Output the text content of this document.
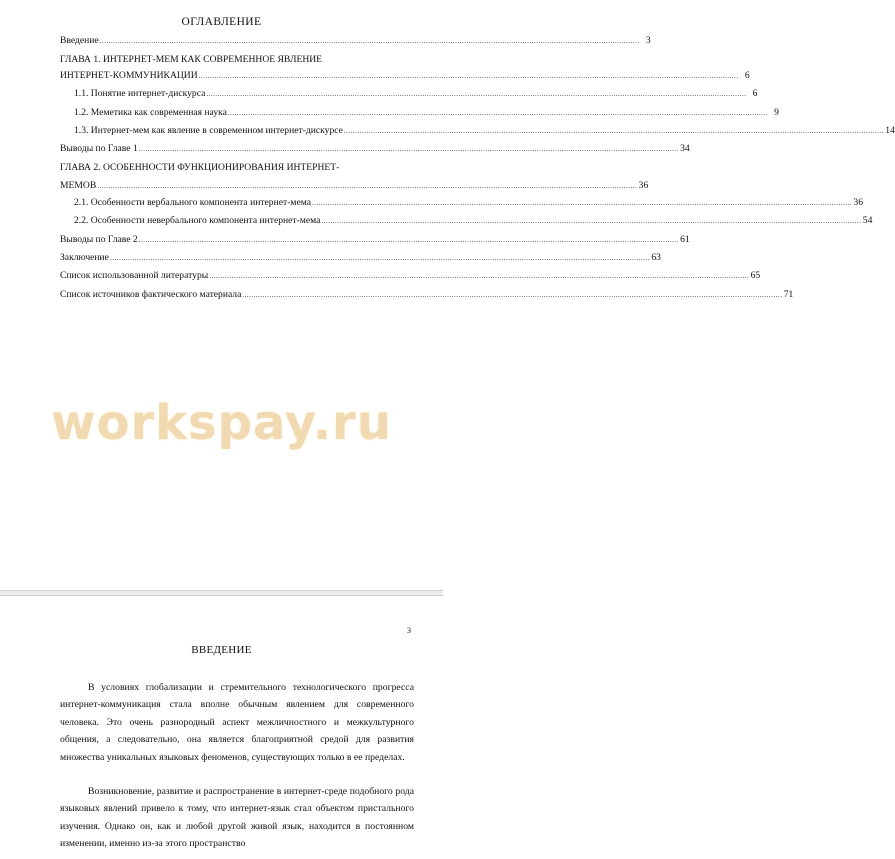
ОГЛАВЛЕНИЕ
Введение ................................................................................................................................................................................................................................................ 3
ГЛАВА 1. ИНТЕРНЕТ-МЕМ КАК СОВРЕМЕННОЕ ЯВЛЕНИЕ
ИНТЕРНЕТ-КОММУНИКАЦИИ ................................................................................................................................................................................................................................................ 6
1.1. Понятие интернет-дискурса ................................................................................................................................................................................................................................................ 6
1.2. Меметика как современная наука ................................................................................................................................................................................................................................................ 9
1.3. Интернет-мем как явление в современном интернет-дискурсе ................................................................................................................................................................................................................................................ 14
Выводы по Главе 1 ................................................................................................................................................................................................................................................ 34
ГЛАВА 2. ОСОБЕННОСТИ ФУНКЦИОНИРОВАНИЯ ИНТЕРНЕТ-
МЕМОВ ................................................................................................................................................................................................................................................ 36
2.1. Особенности вербального компонента интернет-мема ................................................................................................................................................................................................................................................ 36
2.2. Особенности невербального компонента интернет-мема ................................................................................................................................................................................................................................................ 54
Выводы по Главе 2 ................................................................................................................................................................................................................................................ 61
Заключение ................................................................................................................................................................................................................................................ 63
Список использованной литературы ................................................................................................................................................................................................................................................ 65
Список источников фактического материала ................................................................................................................................................................................................................................................ 71
workspay.ru
3
ВВЕДЕНИЕ

В условиях глобализации и стремительного технологического прогресса интернет-коммуникация стала вполне обычным явлением для современного человека. Это очень разнородный аспект межличностного и межкультурного общения, а следовательно, она является благоприятной средой для развития множества уникальных языковых феноменов, существующих только в ее пределах.

Возникновение, развитие и распространение в интернет-среде подобного рода языковых явлений привело к тому, что интернет-язык стал объектом пристального изучения. Однако он, как и любой другой живой язык, находится в постоянном изменении, именно из-за этого пространство
